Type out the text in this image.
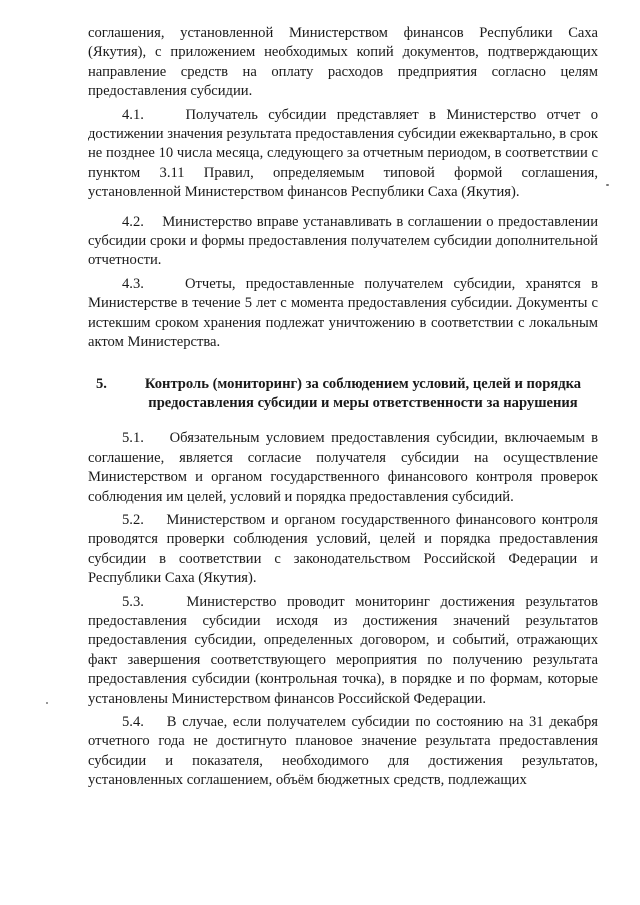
соглашения, установленной Министерством финансов Республики Саха (Якутия), с приложением необходимых копий документов, подтверждающих направление средств на оплату расходов предприятия согласно целям предоставления субсидии.

4.1.	Получатель субсидии представляет в Министерство отчет о достижении значения результата предоставления субсидии ежеквартально, в срок не позднее 10 числа месяца, следующего за отчетным периодом, в соответствии с пунктом 3.11 Правил, определяемым типовой формой соглашения, установленной Министерством финансов Республики Саха (Якутия).

4.2. Министерство вправе устанавливать в соглашении о предоставлении субсидии сроки и формы предоставления получателем субсидии дополнительной отчетности.

4.3.	Отчеты, предоставленные получателем субсидии, хранятся в Министерстве в течение 5 лет с момента предоставления субсидии. Документы с истекшим сроком хранения подлежат уничтожению в соответствии с локальным актом Министерства.

5.	Контроль (мониторинг) за соблюдением условий, целей и порядка предоставления субсидии и меры ответственности за нарушения

5.1. Обязательным условием предоставления субсидии, включаемым в соглашение, является согласие получателя субсидии на осуществление Министерством и органом государственного финансового контроля проверок соблюдения им целей, условий и порядка предоставления субсидий.

5.2. Министерством и органом государственного финансового контроля проводятся проверки соблюдения условий, целей и порядка предоставления субсидии в соответствии с законодательством Российской Федерации и Республики Саха (Якутия).

5.3.	Министерство проводит мониторинг достижения результатов предоставления субсидии исходя из достижения значений результатов предоставления субсидии, определенных договором, и событий, отражающих факт завершения соответствующего мероприятия по получению результата предоставления субсидии (контрольная точка), в порядке и по формам, которые установлены Министерством финансов Российской Федерации.

5.4. В случае, если получателем субсидии по состоянию на 31 декабря отчетного года не достигнуто плановое значение результата предоставления субсидии и показателя, необходимого для достижения результатов, установленных соглашением, объём бюджетных средств, подлежащих
